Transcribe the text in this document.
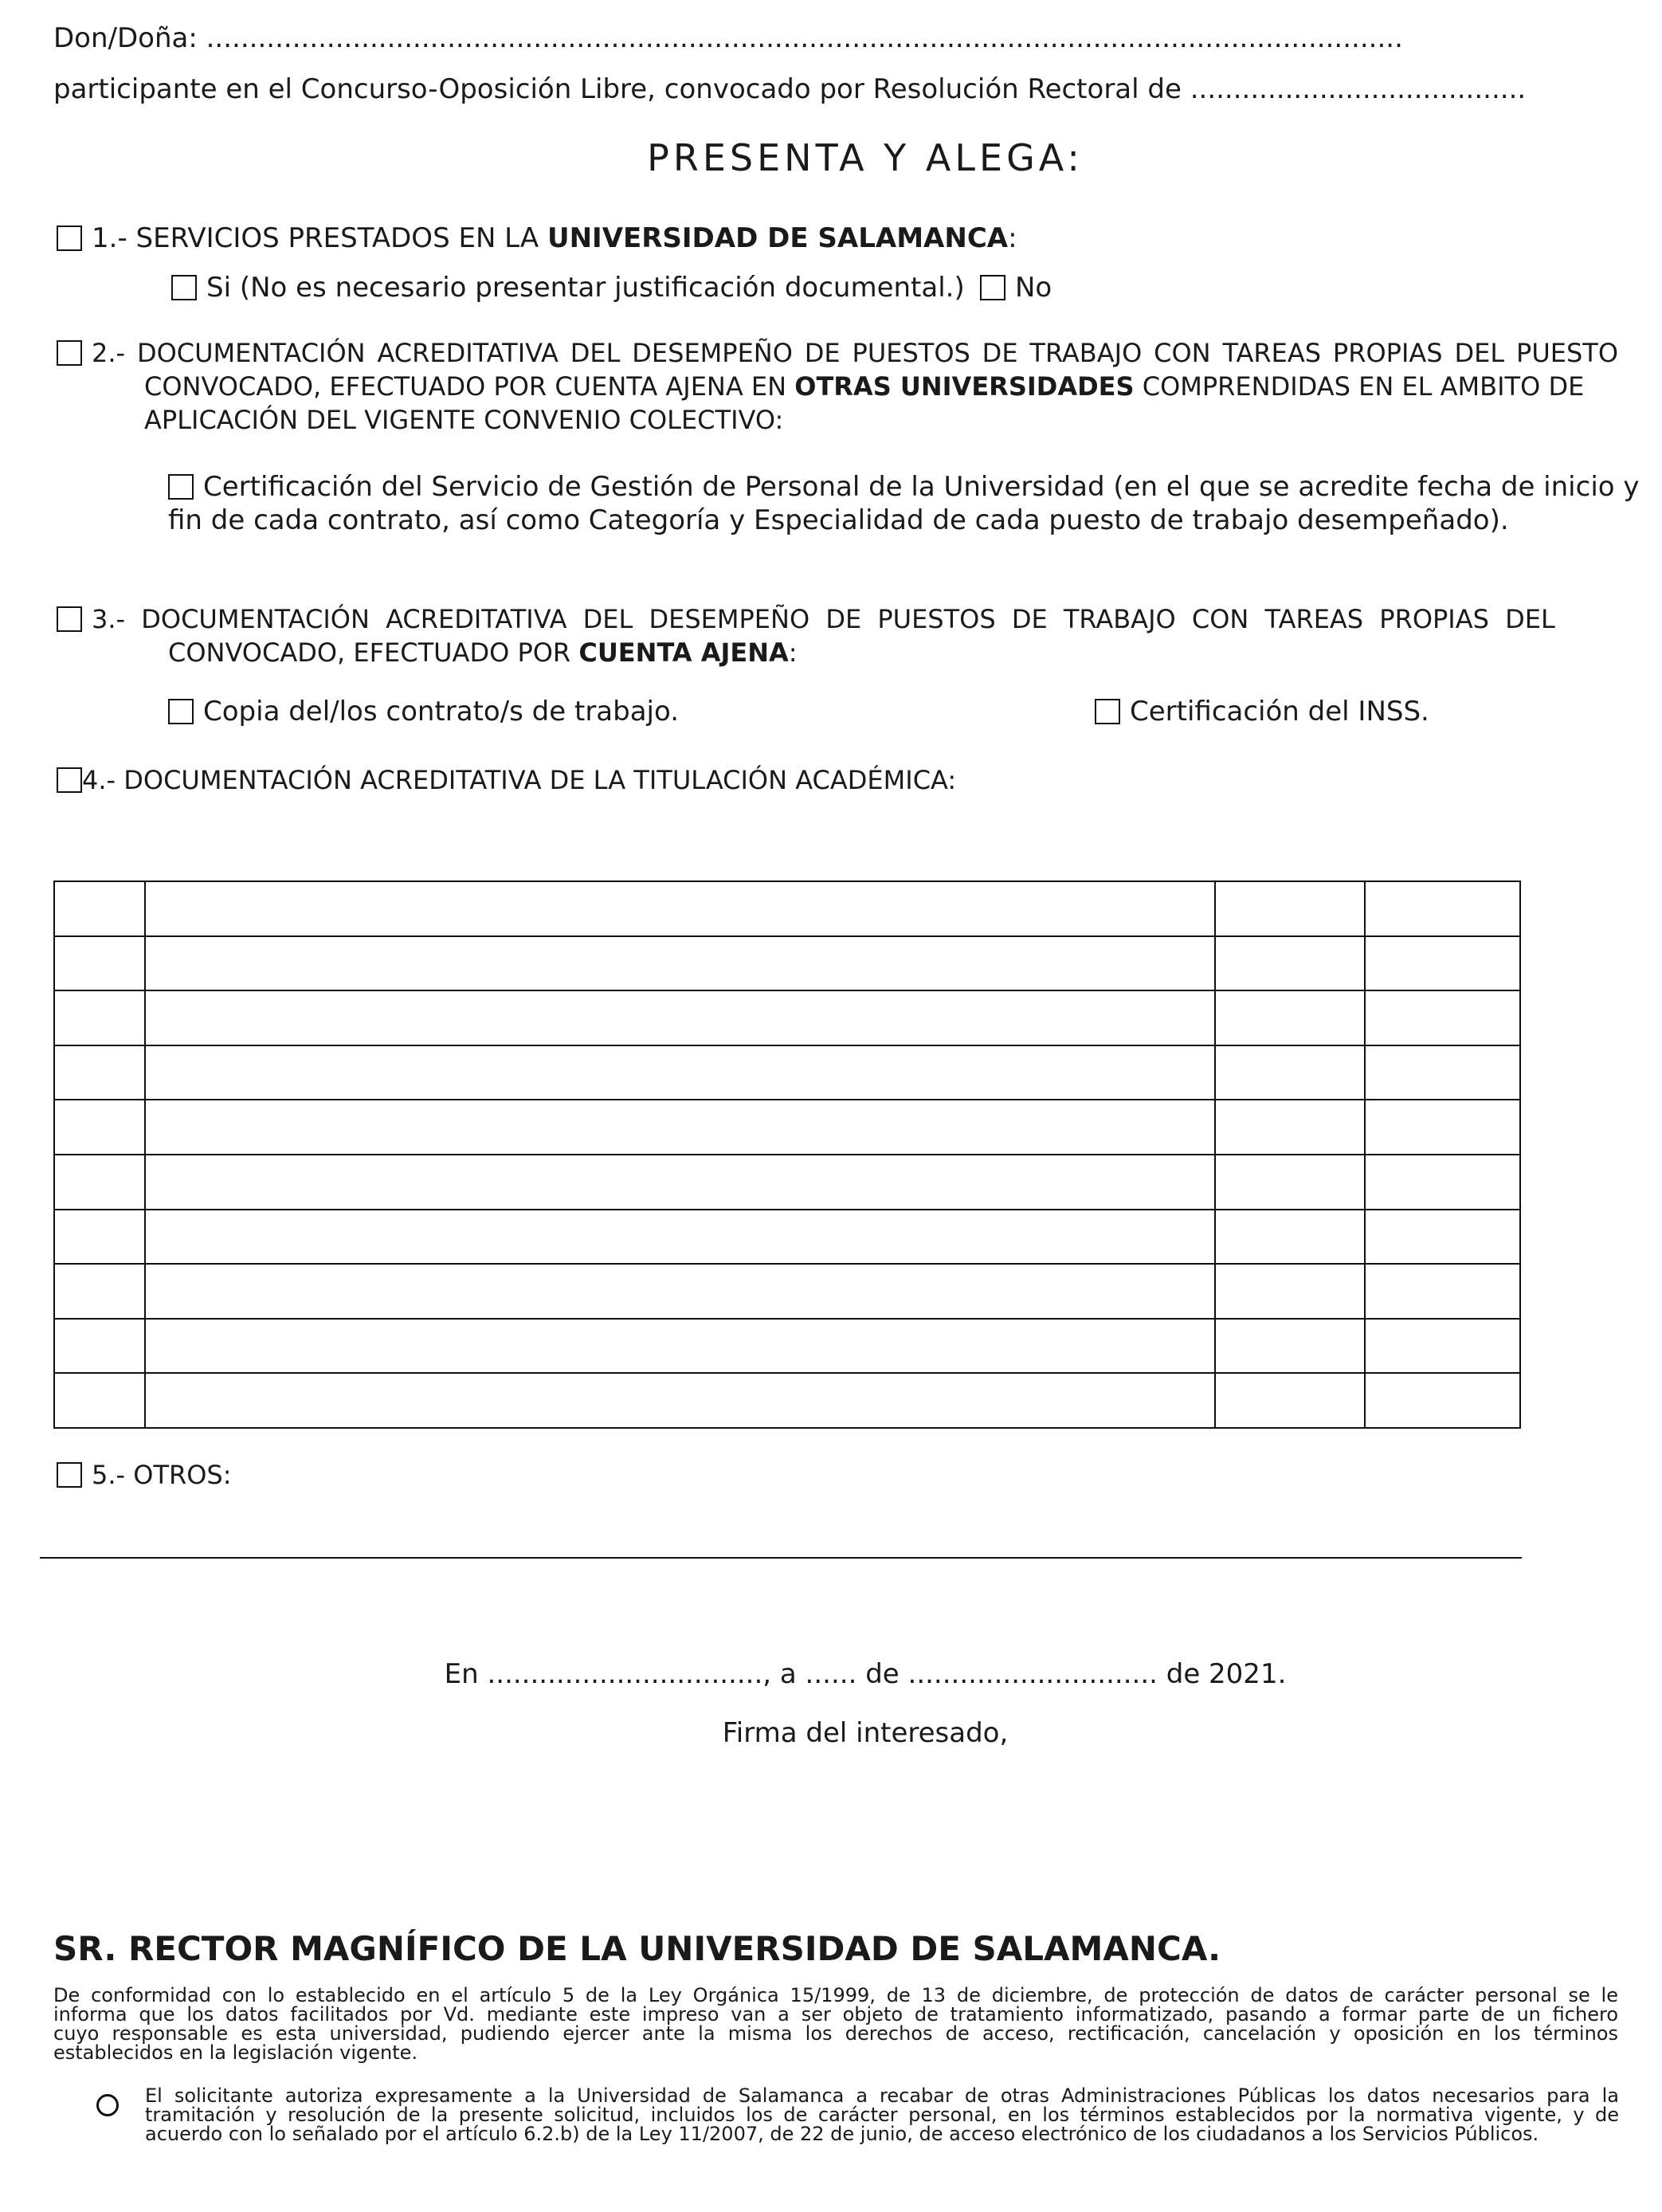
Don/Doña: ...........................................................................................................................................
participante en el Concurso-Oposición Libre, convocado por Resolución Rectoral de .......................................
PRESENTA Y ALEGA:
1.- SERVICIOS PRESTADOS EN LA UNIVERSIDAD DE SALAMANCA:
Si (No es necesario presentar justificación documental.)	No
2.- DOCUMENTACIÓN ACREDITATIVA DEL DESEMPEÑO DE PUESTOS DE TRABAJO CON TAREAS PROPIAS DEL PUESTO
CONVOCADO, EFECTUADO POR CUENTA AJENA EN OTRAS UNIVERSIDADES COMPRENDIDAS EN EL AMBITO DE
APLICACIÓN DEL VIGENTE CONVENIO COLECTIVO:
Certificación del Servicio de Gestión de Personal de la Universidad (en el que se acredite fecha de inicio y
fin de cada contrato, así como Categoría y Especialidad de cada puesto de trabajo desempeñado).
3.- DOCUMENTACIÓN ACREDITATIVA DEL DESEMPEÑO DE PUESTOS DE TRABAJO CON TAREAS PROPIAS DEL
CONVOCADO, EFECTUADO POR CUENTA AJENA:
Copia del/los contrato/s de trabajo.	Certificación del INSS.
4.- DOCUMENTACIÓN ACREDITATIVA DE LA TITULACIÓN ACADÉMICA:

5.- OTROS:
En ................................, a ...... de ............................. de 2021.
Firma del interesado,
SR. RECTOR MAGNÍFICO DE LA UNIVERSIDAD DE SALAMANCA.
De conformidad con lo establecido en el artículo 5 de la Ley Orgánica 15/1999, de 13 de diciembre, de protección de datos de carácter personal se le
informa que los datos facilitados por Vd. mediante este impreso van a ser objeto de tratamiento informatizado, pasando a formar parte de un fichero
cuyo responsable es esta universidad, pudiendo ejercer ante la misma los derechos de acceso, rectificación, cancelación y oposición en los términos
establecidos en la legislación vigente.
El solicitante autoriza expresamente a la Universidad de Salamanca a recabar de otras Administraciones Públicas los datos necesarios para la
tramitación y resolución de la presente solicitud, incluidos los de carácter personal, en los términos establecidos por la normativa vigente, y de
acuerdo con lo señalado por el artículo 6.2.b) de la Ley 11/2007, de 22 de junio, de acceso electrónico de los ciudadanos a los Servicios Públicos.
